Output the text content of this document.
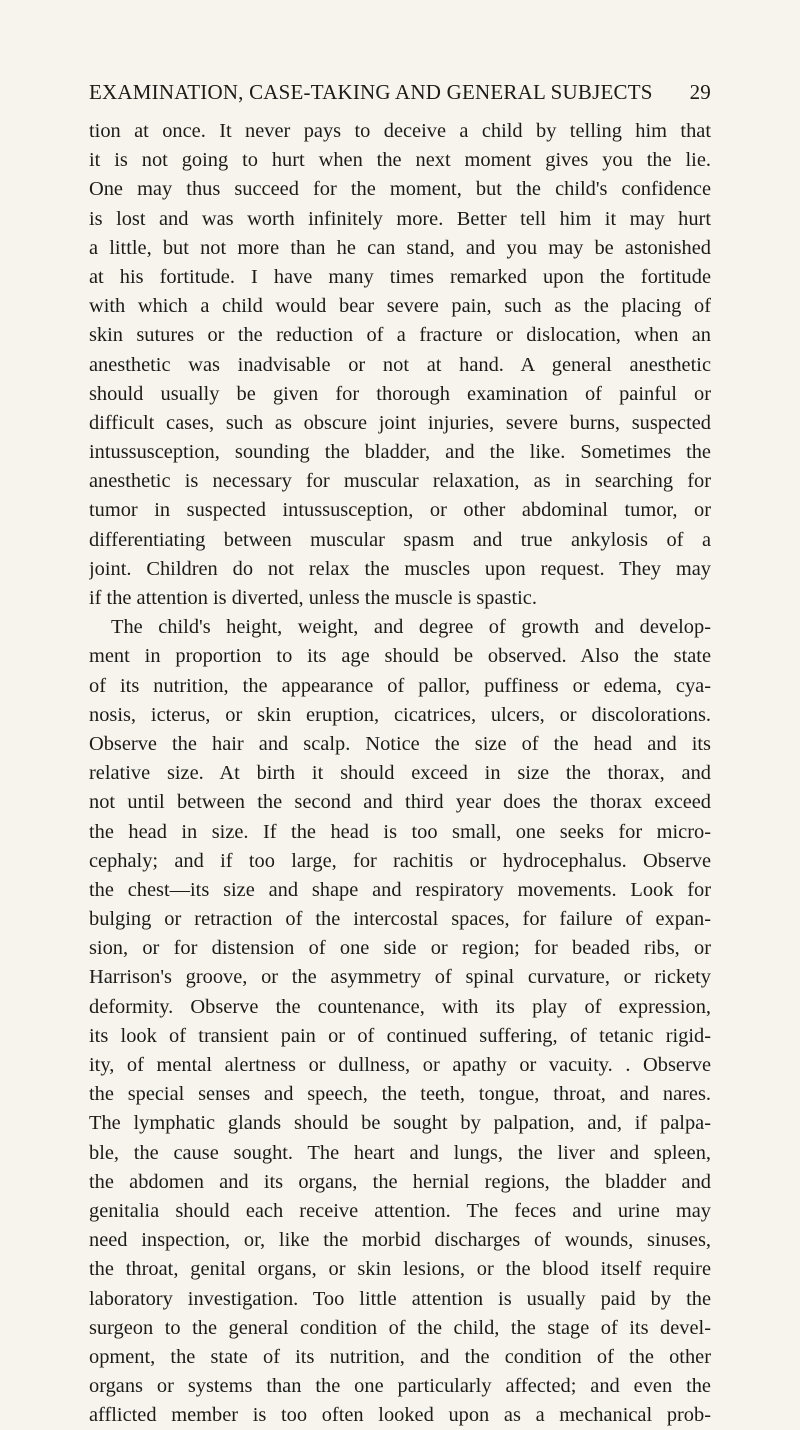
EXAMINATION, CASE-TAKING AND GENERAL SUBJECTS 29
tion at once. It never pays to deceive a child by telling him that
it is not going to hurt when the next moment gives you the lie.
One may thus succeed for the moment, but the child's confidence
is lost and was worth infinitely more. Better tell him it may hurt
a little, but not more than he can stand, and you may be astonished
at his fortitude. I have many times remarked upon the fortitude
with which a child would bear severe pain, such as the placing of
skin sutures or the reduction of a fracture or dislocation, when an
anesthetic was inadvisable or not at hand. A general anesthetic
should usually be given for thorough examination of painful or
difficult cases, such as obscure joint injuries, severe burns, suspected
intussusception, sounding the bladder, and the like. Sometimes the
anesthetic is necessary for muscular relaxation, as in searching for
tumor in suspected intussusception, or other abdominal tumor, or
differentiating between muscular spasm and true ankylosis of a
joint. Children do not relax the muscles upon request. They may
if the attention is diverted, unless the muscle is spastic.
The child's height, weight, and degree of growth and develop-
ment in proportion to its age should be observed. Also the state
of its nutrition, the appearance of pallor, puffiness or edema, cya-
nosis, icterus, or skin eruption, cicatrices, ulcers, or discolorations.
Observe the hair and scalp. Notice the size of the head and its
relative size. At birth it should exceed in size the thorax, and
not until between the second and third year does the thorax exceed
the head in size. If the head is too small, one seeks for micro-
cephaly; and if too large, for rachitis or hydrocephalus. Observe
the chest—its size and shape and respiratory movements. Look for
bulging or retraction of the intercostal spaces, for failure of expan-
sion, or for distension of one side or region; for beaded ribs, or
Harrison's groove, or the asymmetry of spinal curvature, or rickety
deformity. Observe the countenance, with its play of expression,
its look of transient pain or of continued suffering, of tetanic rigid-
ity, of mental alertness or dullness, or apathy or vacuity. . Observe
the special senses and speech, the teeth, tongue, throat, and nares.
The lymphatic glands should be sought by palpation, and, if palpa-
ble, the cause sought. The heart and lungs, the liver and spleen,
the abdomen and its organs, the hernial regions, the bladder and
genitalia should each receive attention. The feces and urine may
need inspection, or, like the morbid discharges of wounds, sinuses,
the throat, genital organs, or skin lesions, or the blood itself require
laboratory investigation. Too little attention is usually paid by the
surgeon to the general condition of the child, the stage of its devel-
opment, the state of its nutrition, and the condition of the other
organs or systems than the one particularly affected; and even the
afflicted member is too often looked upon as a mechanical prob-
